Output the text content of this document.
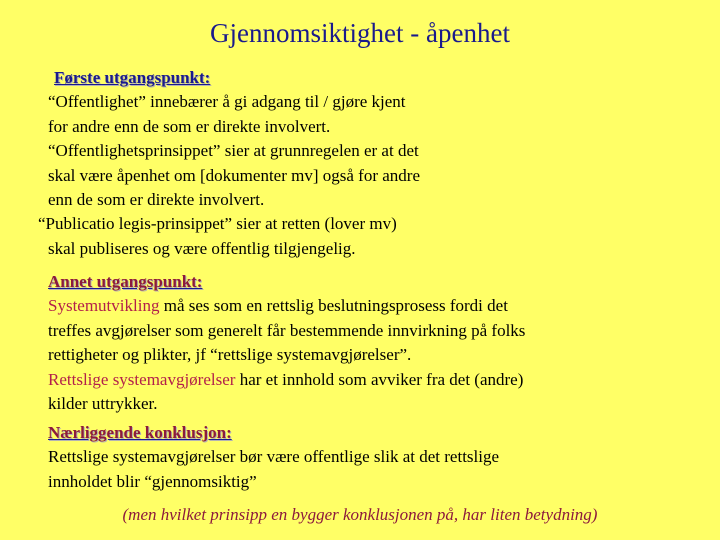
Gjennomsiktighet - åpenhet
Første utgangspunkt:
“Offentlighet” innebærer å gi adgang til / gjøre kjent
for andre enn de som er direkte involvert.
“Offentlighetsprinsippet” sier at grunnregelen er at det
skal være åpenhet om [dokumenter mv] også for andre
enn de som er direkte involvert.
“Publicatio legis-prinsippet” sier at retten (lover mv)
skal publiseres og være offentlig tilgjengelig.
Annet utgangspunkt:
Systemutvikling må ses som en rettslig beslutningsprosess fordi det
treffes avgjørelser som generelt får bestemmende innvirkning på folks
rettigheter og plikter, jf “rettslige systemavgjørelser”.
Rettslige systemavgjørelser har et innhold som avviker fra det (andre)
kilder uttrykker.
Nærliggende konklusjon:
Rettslige systemavgjørelser bør være offentlige slik at det rettslige
innholdet blir “gjennomsiktig”
(men hvilket prinsipp en bygger konklusjonen på, har liten betydning)
